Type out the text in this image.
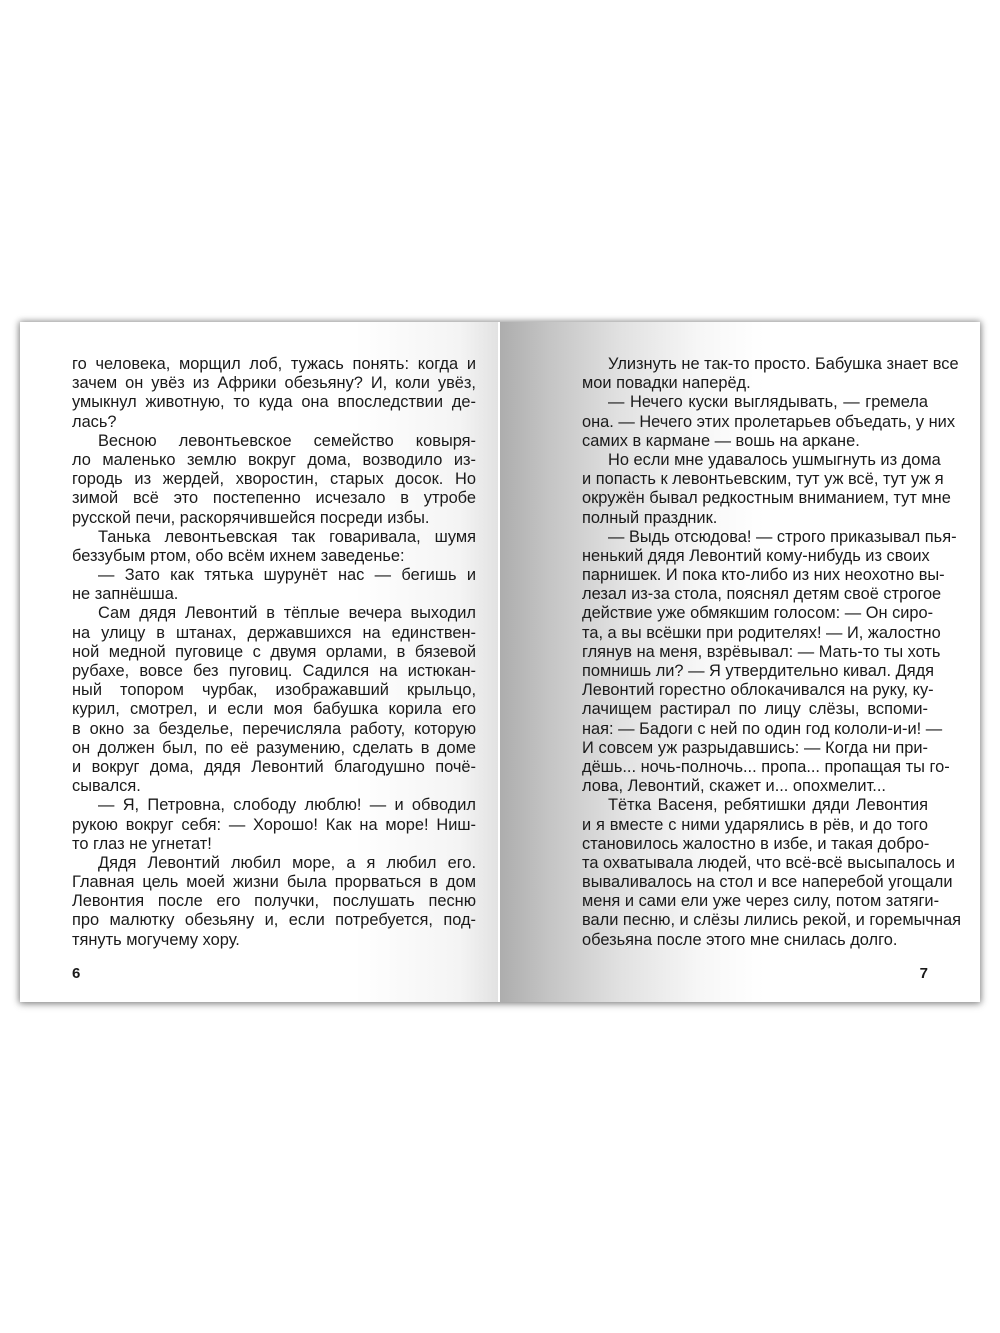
го человека, морщил лоб, тужась понять: когда и
зачем он увёз из Африки обезьяну? И, коли увёз,
умыкнул животную, то куда она впоследствии де-
лась?
Весною левонтьевское семейство ковыря-
ло маленько землю вокруг дома, возводило из-
городь из жердей, хворостин, старых досок. Но
зимой всё это постепенно исчезало в утробе
русской печи, раскорячившейся посреди избы.
Танька левонтьевская так говаривала, шумя
беззубым ртом, обо всём ихнем заведенье:
— Зато как тятька шурунёт нас — бегишь и
не запнёшша.
Сам дядя Левонтий в тёплые вечера выходил
на улицу в штанах, державшихся на единствен-
ной медной пуговице с двумя орлами, в бязевой
рубахе, вовсе без пуговиц. Садился на истюкан-
ный топором чурбак, изображавший крыльцо,
курил, смотрел, и если моя бабушка корила его
в окно за безделье, перечисляла работу, которую
он должен был, по её разумению, сделать в доме
и вокруг дома, дядя Левонтий благодушно почё-
сывался.
— Я, Петровна, слободу люблю! — и обводил
рукою вокруг себя: — Хорошо! Как на море! Ниш-
то глаз не угнетат!
Дядя Левонтий любил море, а я любил его.
Главная цель моей жизни была прорваться в дом
Левонтия после его получки, послушать песню
про малютку обезьяну и, если потребуется, под-
тянуть могучему хору.
6
Улизнуть не так-то просто. Бабушка знает все
мои повадки наперёд.
— Нечего куски выглядывать, — гремела
она. — Нечего этих пролетарьев объедать, у них
самих в кармане — вошь на аркане.
Но если мне удавалось ушмыгнуть из дома
и попасть к левонтьевским, тут уж всё, тут уж я
окружён бывал редкостным вниманием, тут мне
полный праздник.
— Выдь отсюдова! — строго приказывал пья-
ненький дядя Левонтий кому-нибудь из своих
парнишек. И пока кто-либо из них неохотно вы-
лезал из-за стола, пояснял детям своё строгое
действие уже обмякшим голосом: — Он сиро-
та, а вы всёшки при родителях! — И, жалостно
глянув на меня, взрёвывал: — Мать-то ты хоть
помнишь ли? — Я утвердительно кивал. Дядя
Левонтий горестно облокачивался на руку, ку-
лачищем растирал по лицу слёзы, вспоми-
ная: — Бадоги с ней по один год кололи-и-и! —
И совсем уж разрыдавшись: — Когда ни при-
дёшь... ночь-полночь... пропа... пропащая ты го-
лова, Левонтий, скажет и... опохмелит...
Тётка Васеня, ребятишки дяди Левонтия
и я вместе с ними ударялись в рёв, и до того
становилось жалостно в избе, и такая добро-
та охватывала людей, что всё-всё высыпалось и
вываливалось на стол и все наперебой угощали
меня и сами ели уже через силу, потом затяги-
вали песню, и слёзы лились рекой, и горемычная
обезьяна после этого мне снилась долго.
7
